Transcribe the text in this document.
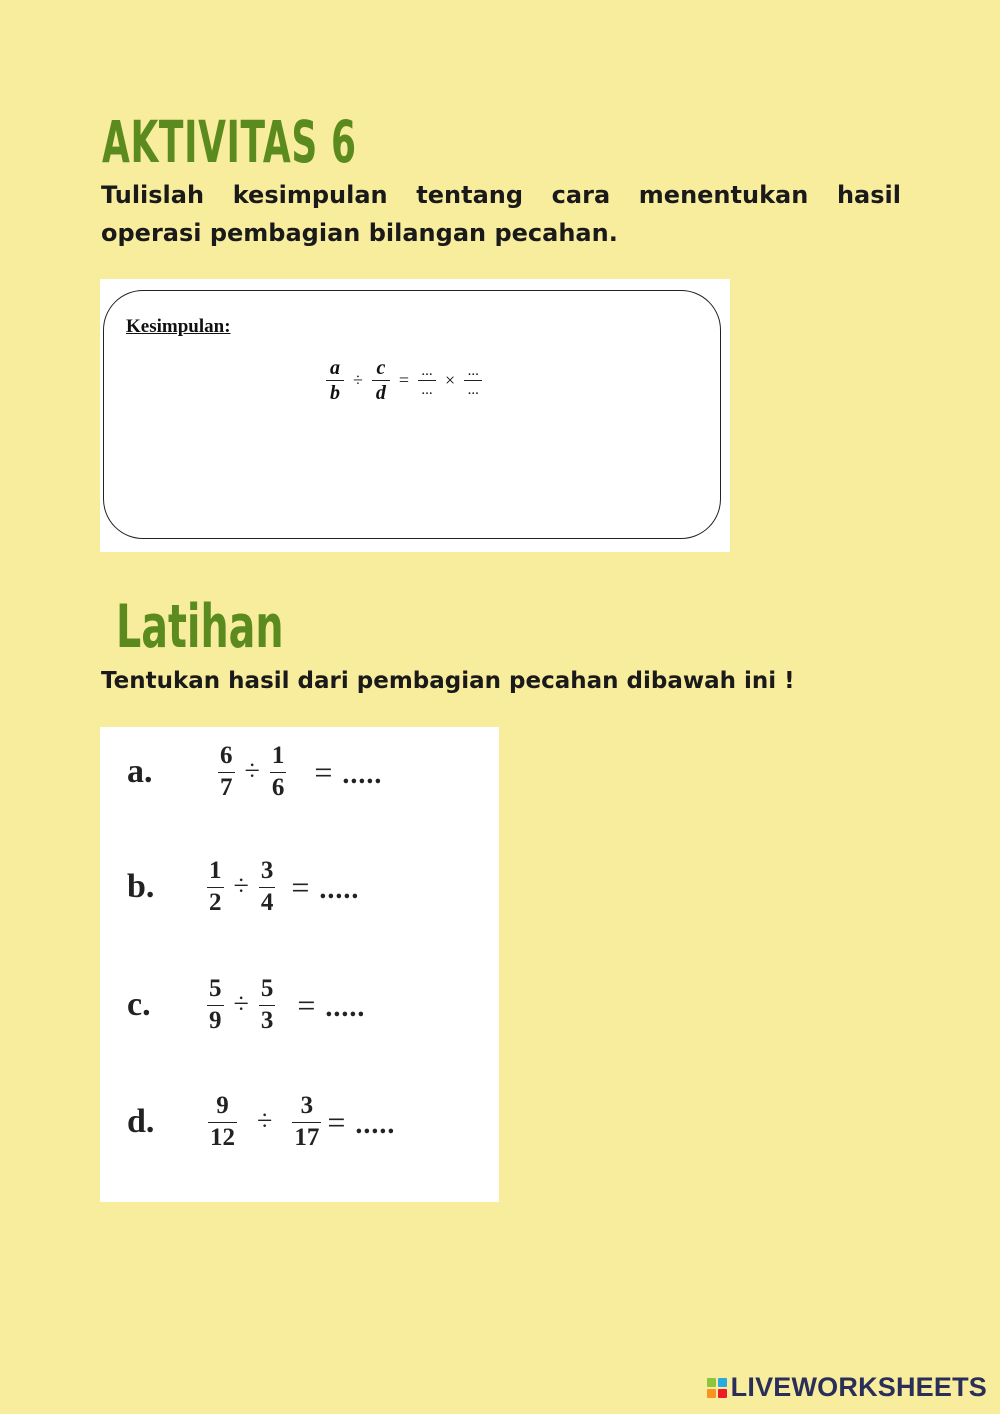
AKTIVITAS 6
Tulislah kesimpulan tentang cara menentukan hasil operasi pembagian bilangan pecahan.
Kesimpulan:
$\frac{a}{b} \div \frac{c}{d} = \frac{...}{...} \times \frac{...}{...}$
Latihan
Tentukan hasil dari pembagian pecahan dibawah ini !
a.	$\frac{6}{7} \div \frac{1}{6}$ = .....
b. $\frac{1}{2} \div \frac{3}{4}$ = .....
c. $\frac{5}{9} \div \frac{5}{3}$ = .....
d. $\frac{9}{12} \div \frac{3}{17}$ = .....
LIVEWORKSHEETS
